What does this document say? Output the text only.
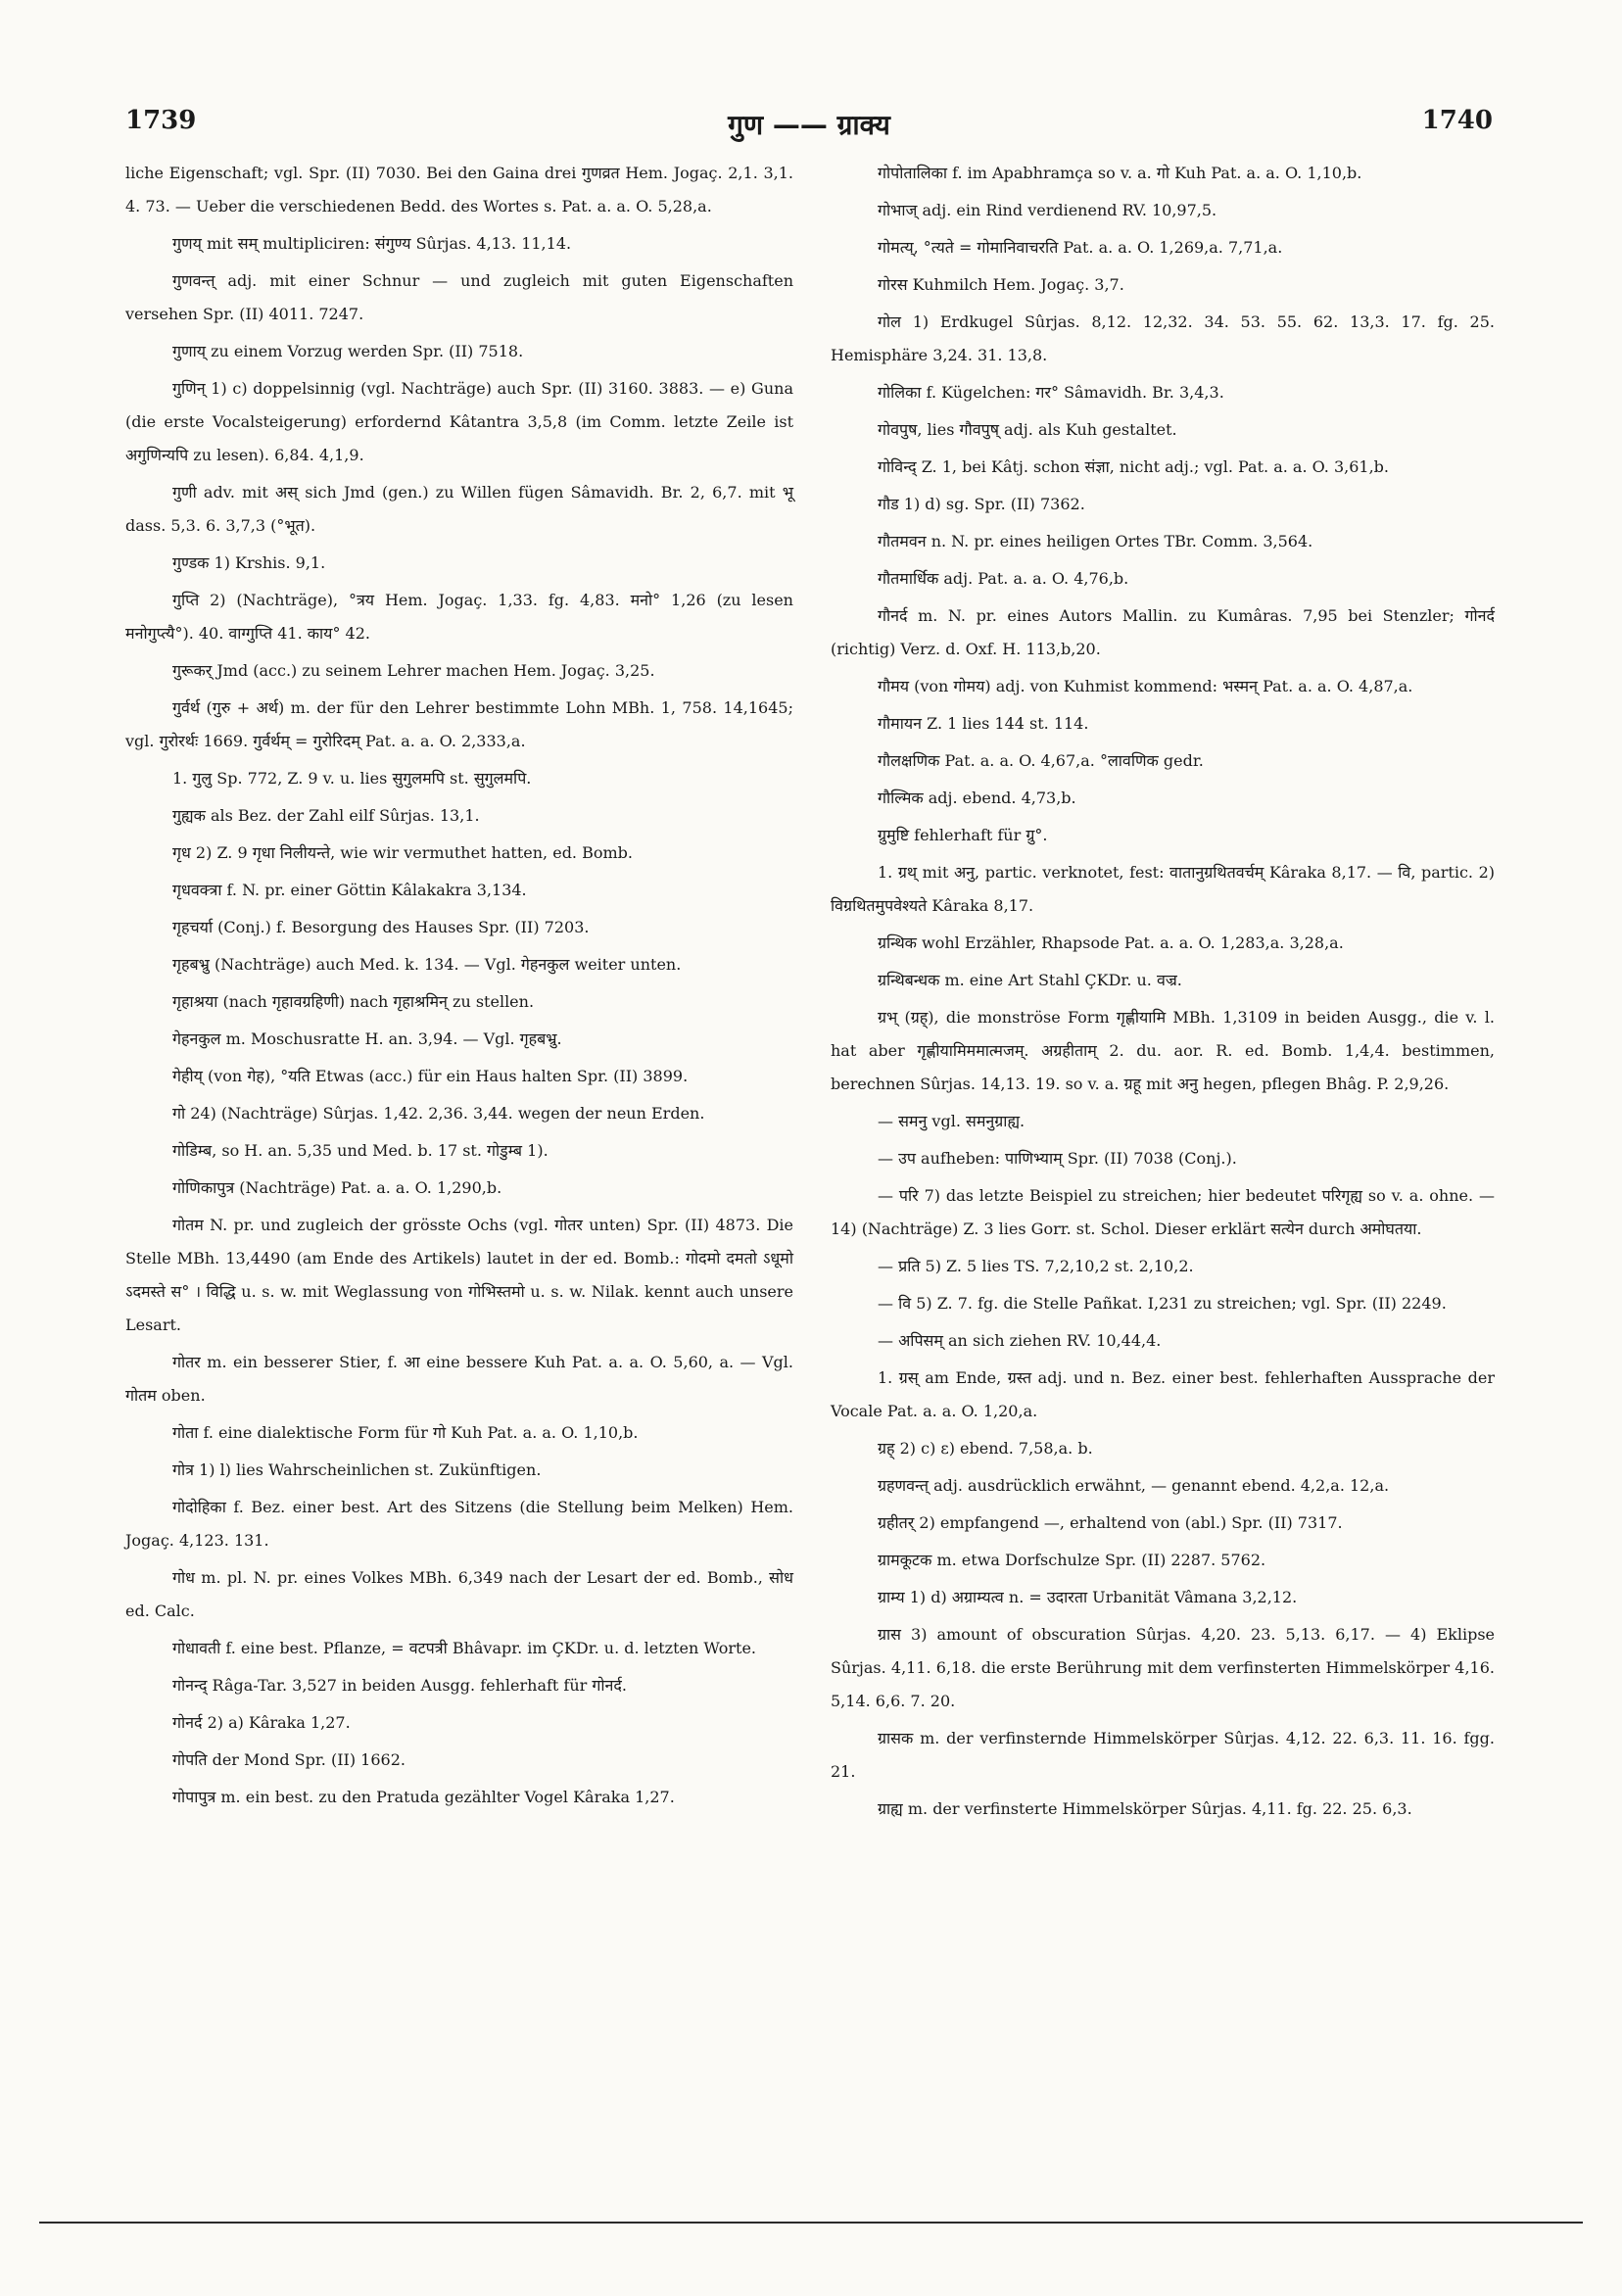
1739	गुण —— ग्राक्य	1740

liche Eigenschaft; vgl. Spr. (II) 7030. Bei den Gaina drei गुणव्रत Hem. Jogaç. 2,1. 3,1. 4. 73. — Ueber die verschiedenen Bedd. des Wortes s. Pat. a. a. O. 5,28,a.

गुणय् mit सम् multipliciren: संगुण्य Sûrjas. 4,13. 11,14.

गुणवन्त् adj. mit einer Schnur — und zugleich mit guten Eigenschaften versehen Spr. (II) 4011. 7247.

गुणाय् zu einem Vorzug werden Spr. (II) 7518.

गुणिन् 1) c) doppelsinnig (vgl. Nachträge) auch Spr. (II) 3160. 3883. — e) Guna (die erste Vocalsteigerung) erfordernd Kâtantra 3,5,8 (im Comm. letzte Zeile ist अगुणिन्यपि zu lesen). 6,84. 4,1,9.

गुणी adv. mit अस् sich Jmd (gen.) zu Willen fügen Sâmavidh. Br. 2, 6,7. mit भू dass. 5,3. 6. 3,7,3 (°भूत).

गुण्डक 1) Krshis. 9,1.

गुप्ति 2) (Nachträge), °त्रय Hem. Jogaç. 1,33. fg. 4,83. मनो° 1,26 (zu lesen मनोगुप्त्यै°). 40. वाग्गुप्ति 41. काय° 42.

गुरूकर् Jmd (acc.) zu seinem Lehrer machen Hem. Jogaç. 3,25.

गुर्वर्थ (गुरु + अर्थ) m. der für den Lehrer bestimmte Lohn MBh. 1, 758. 14,1645; vgl. गुरोरर्थः 1669. गुर्वर्थम् = गुरोरिदम् Pat. a. a. O. 2,333,a.

1. गुलु Sp. 772, Z. 9 v. u. lies सुगुलमपि st. सुगुलमपि.

गुह्यक als Bez. der Zahl eilf Sûrjas. 13,1.

गृध 2) Z. 9 गृधा निलीयन्ते, wie wir vermuthet hatten, ed. Bomb.

गृधवक्त्रा f. N. pr. einer Göttin Kâlakakra 3,134.

गृहचर्या (Conj.) f. Besorgung des Hauses Spr. (II) 7203.

गृहबभ्रु (Nachträge) auch Med. k. 134. — Vgl. गेहनकुल weiter unten.

गृहाश्रया (nach गृहावग्रहिणी) nach गृहाश्रमिन् zu stellen.

गेहनकुल m. Moschusratte H. an. 3,94. — Vgl. गृहबभ्रु.

गेहीय् (von गेह), °यति Etwas (acc.) für ein Haus halten Spr. (II) 3899.

गो 24) (Nachträge) Sûrjas. 1,42. 2,36. 3,44. wegen der neun Erden.

गोडिम्ब, so H. an. 5,35 und Med. b. 17 st. गोडुम्ब 1).

गोणिकापुत्र (Nachträge) Pat. a. a. O. 1,290,b.

गोतम N. pr. und zugleich der grösste Ochs (vgl. गोतर unten) Spr. (II) 4873. Die Stelle MBh. 13,4490 (am Ende des Artikels) lautet in der ed. Bomb.: गोदमो दमतो ऽधूमो ऽदमस्ते स° । विद्धि u. s. w. mit Weglassung von गोभिस्तमो u. s. w. Nilak. kennt auch unsere Lesart.

गोतर m. ein besserer Stier, f. आ eine bessere Kuh Pat. a. a. O. 5,60, a. — Vgl. गोतम oben.

गोता f. eine dialektische Form für गो Kuh Pat. a. a. O. 1,10,b.

गोत्र 1) l) lies Wahrscheinlichen st. Zukünftigen.

गोदोहिका f. Bez. einer best. Art des Sitzens (die Stellung beim Melken) Hem. Jogaç. 4,123. 131.

गोध m. pl. N. pr. eines Volkes MBh. 6,349 nach der Lesart der ed. Bomb., सोध ed. Calc.

गोधावती f. eine best. Pflanze, = वटपत्री Bhâvapr. im ÇKDr. u. d. letzten Worte.

गोनन्द् Râga-Tar. 3,527 in beiden Ausgg. fehlerhaft für गोनर्द.

गोनर्द 2) a) Kâraka 1,27.

गोपति der Mond Spr. (II) 1662.

गोपापुत्र m. ein best. zu den Pratuda gezählter Vogel Kâraka 1,27.

गोपोतालिका f. im Apabhramça so v. a. गो Kuh Pat. a. a. O. 1,10,b.

गोभाज् adj. ein Rind verdienend RV. 10,97,5.

गोमत्य्, °त्यते = गोमानिवाचरति Pat. a. a. O. 1,269,a. 7,71,a.

गोरस Kuhmilch Hem. Jogaç. 3,7.

गोल 1) Erdkugel Sûrjas. 8,12. 12,32. 34. 53. 55. 62. 13,3. 17. fg. 25. Hemisphäre 3,24. 31. 13,8.

गोलिका f. Kügelchen: गर° Sâmavidh. Br. 3,4,3.

गोवपुष, lies गौवपुष् adj. als Kuh gestaltet.

गोविन्द् Z. 1, bei Kâtj. schon संज्ञा, nicht adj.; vgl. Pat. a. a. O. 3,61,b.

गौड 1) d) sg. Spr. (II) 7362.

गौतमवन n. N. pr. eines heiligen Ortes TBr. Comm. 3,564.

गौतमार्धिक adj. Pat. a. a. O. 4,76,b.

गौनर्द m. N. pr. eines Autors Mallin. zu Kumâras. 7,95 bei Stenzler; गोनर्द (richtig) Verz. d. Oxf. H. 113,b,20.

गौमय (von गोमय) adj. von Kuhmist kommend: भस्मन् Pat. a. a. O. 4,87,a.

गौमायन Z. 1 lies 144 st. 114.

गौलक्षणिक Pat. a. a. O. 4,67,a. °लावणिक gedr.

गौल्मिक adj. ebend. 4,73,b.

ग्रुमुष्टि fehlerhaft für ग्रु°.

1. ग्रथ् mit अनु, partic. verknotet, fest: वातानुग्रथितवर्चम् Kâraka 8,17. — वि, partic. 2) विग्रथितमुपवेश्यते Kâraka 8,17.

ग्रन्थिक wohl Erzähler, Rhapsode Pat. a. a. O. 1,283,a. 3,28,a.

ग्रन्थिबन्धक m. eine Art Stahl ÇKDr. u. वज्र.

ग्रभ् (ग्रह्), die monströse Form गृह्णीयामि MBh. 1,3109 in beiden Ausgg., die v. l. hat aber गृह्णीयामिममात्मजम्. अग्रहीताम् 2. du. aor. R. ed. Bomb. 1,4,4. bestimmen, berechnen Sûrjas. 14,13. 19. so v. a. ग्रहू mit अनु hegen, pflegen Bhâg. P. 2,9,26.

— समनु vgl. समनुग्राह्य.

— उप aufheben: पाणिभ्याम् Spr. (II) 7038 (Conj.).

— परि 7) das letzte Beispiel zu streichen; hier bedeutet परिगृह्य so v. a. ohne. — 14) (Nachträge) Z. 3 lies Gorr. st. Schol. Dieser erklärt सत्येन durch अमोघतया.

— प्रति 5) Z. 5 lies TS. 7,2,10,2 st. 2,10,2.

— वि 5) Z. 7. fg. die Stelle Pañkat. I,231 zu streichen; vgl. Spr. (II) 2249.

— अपिसम् an sich ziehen RV. 10,44,4.

1. ग्रस् am Ende, ग्रस्त adj. und n. Bez. einer best. fehlerhaften Aussprache der Vocale Pat. a. a. O. 1,20,a.

ग्रह् 2) c) ε) ebend. 7,58,a. b.

ग्रहणवन्त् adj. ausdrücklich erwähnt, — genannt ebend. 4,2,a. 12,a.

ग्रहीतर् 2) empfangend —, erhaltend von (abl.) Spr. (II) 7317.

ग्रामकूटक m. etwa Dorfschulze Spr. (II) 2287. 5762.

ग्राम्य 1) d) अग्राम्यत्व n. = उदारता Urbanität Vâmana 3,2,12.

ग्रास 3) amount of obscuration Sûrjas. 4,20. 23. 5,13. 6,17. — 4) Eklipse Sûrjas. 4,11. 6,18. die erste Berührung mit dem verfinsterten Himmelskörper 4,16. 5,14. 6,6. 7. 20.

ग्रासक m. der verfinsternde Himmelskörper Sûrjas. 4,12. 22. 6,3. 11. 16. fgg. 21.

ग्राह्य m. der verfinsterte Himmelskörper Sûrjas. 4,11. fg. 22. 25. 6,3.
